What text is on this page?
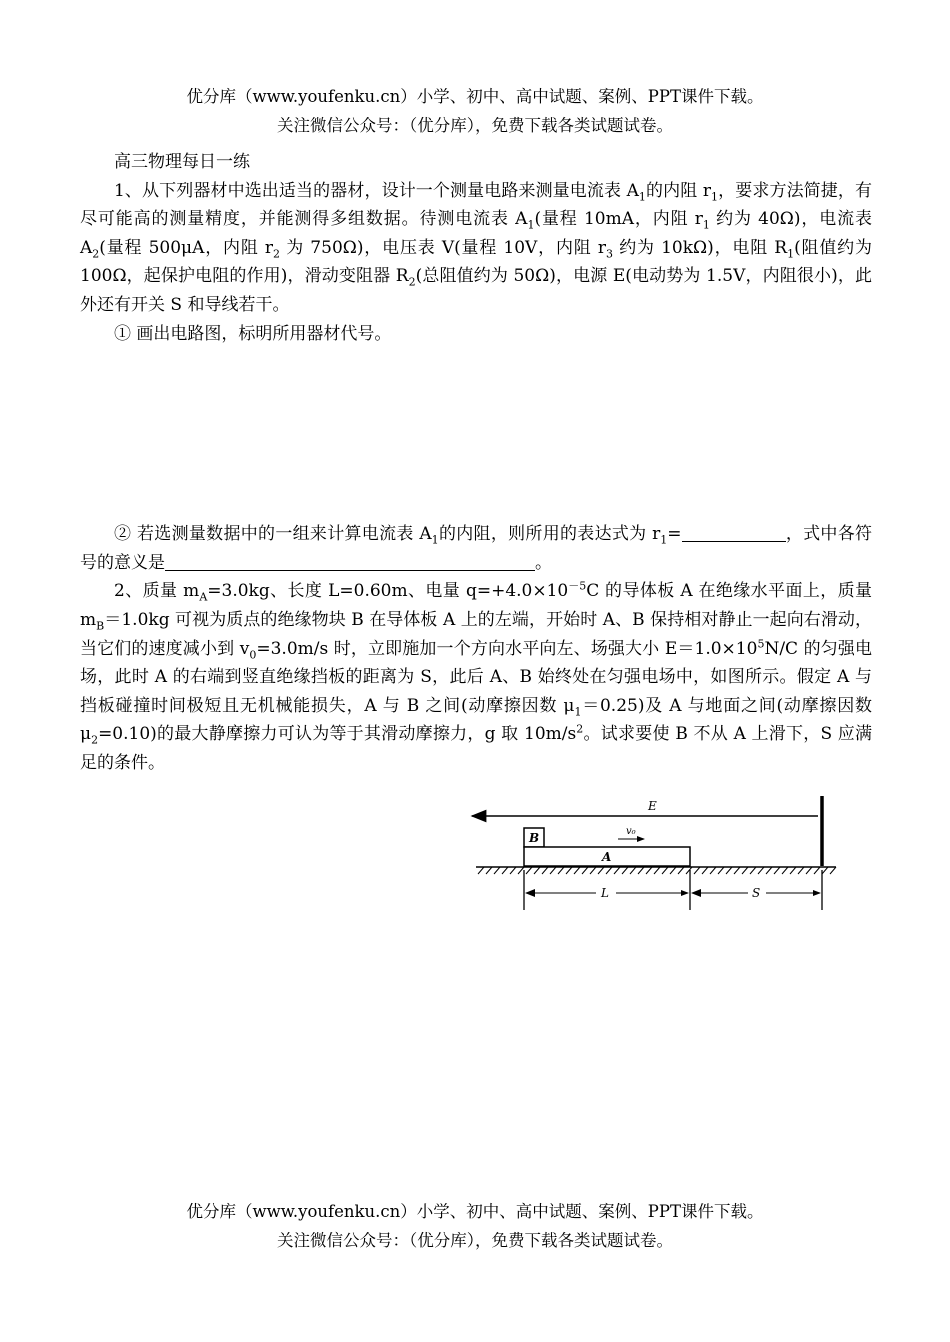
优分库（www.youfenku.cn）小学、初中、高中试题、案例、PPT课件下载。
关注微信公众号：（优分库），免费下载各类试题试卷。

高三物理每日一练

1、从下列器材中选出适当的器材，设计一个测量电路来测量电流表 $A_1$的内阻 $r_1$，要求方法简捷，有尽可能高的测量精度，并能测得多组数据。待测电流表 $A_1$(量程 10mA，内阻 $r_1$ 约为 40Ω)，电流表 $A_2$(量程 500μA，内阻 $r_2$ 为 750Ω)，电压表 V(量程 10V，内阻 $r_3$ 约为 10kΩ)，电阻 $R_1$(阻值约为 100Ω，起保护电阻的作用)，滑动变阻器 $R_2$(总阻值约为 50Ω)，电源 E(电动势为 1.5V，内阻很小)，此外还有开关 S 和导线若干。

① 画出电路图，标明所用器材代号。

② 若选测量数据中的一组来计算电流表 $A_1$的内阻，则所用的表达式为 $r_1=$	，式中各符号的意义是	。

2、质量 $m_A=3.0kg$、长度 L=0.60m、电量 $q=+4.0\times 10^{-5}C$ 的导体板 A 在绝缘水平面上，质量 $m_B=1.0kg$ 可视为质点的绝缘物块 B 在导体板 A 上的左端，开始时 A、B 保持相对静止一起向右滑动，当它们的速度减小到 $v_0=3.0m/s$ 时，立即施加一个方向水平向左、场强大小 $E=1.0\times 10^5N/C$ 的匀强电场，此时 A 的右端到竖直绝缘挡板的距离为 S，此后 A、B 始终处在匀强电场中，如图所示。假定 A 与挡板碰撞时间极短且无机械能损失，A 与 B 之间(动摩擦因数 $\mu_1=0.25$)及 A 与地面之间(动摩擦因数 $\mu_2=0.10$)的最大静摩擦力可认为等于其滑动摩擦力，g 取 $10m/s^2$。试求要使 B 不从 A 上滑下，S 应满足的条件。

E
B
A
v₀
L	S
优分库（www.youfenku.cn）小学、初中、高中试题、案例、PPT课件下载。
关注微信公众号：（优分库），免费下载各类试题试卷。
